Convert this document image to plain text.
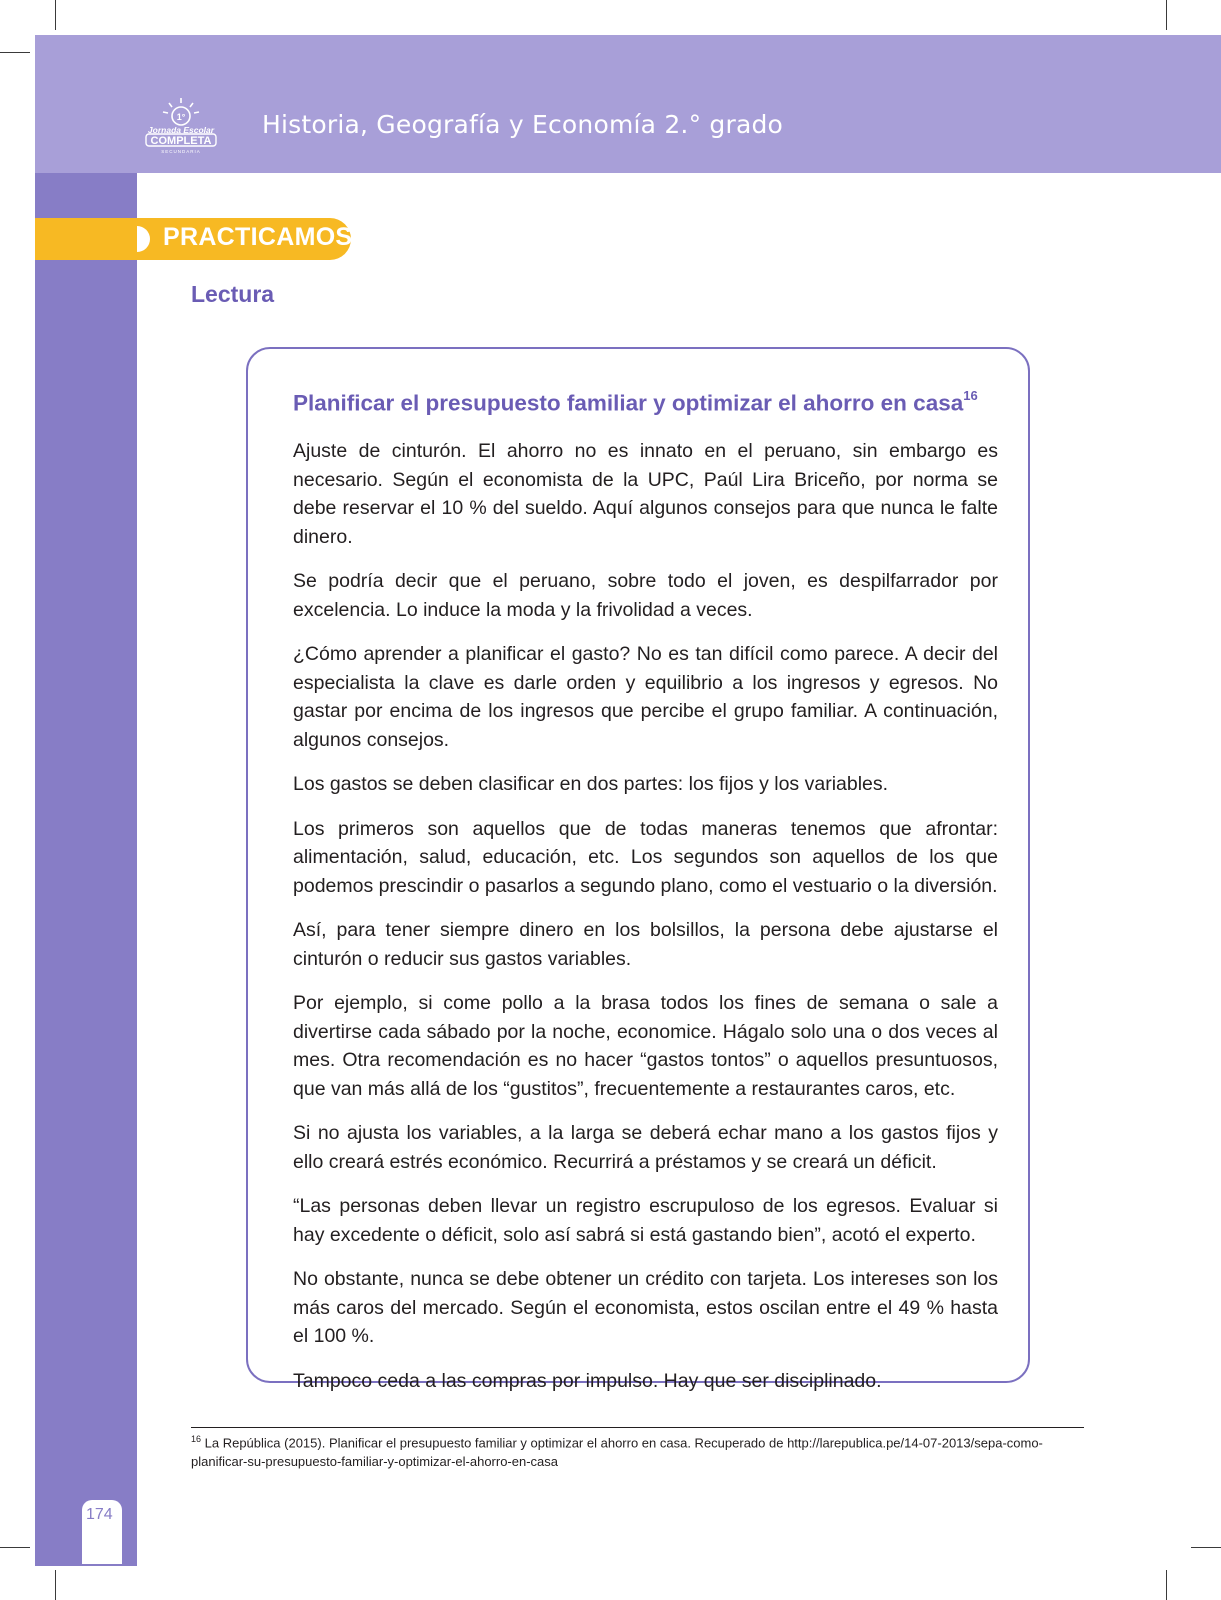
1°
Jornada Escolar
COMPLETA
SECUNDARIA
Historia, Geografía y Economía 2.° grado
174
PRACTICAMOS
Lectura
Planificar el presupuesto familiar y optimizar el ahorro en casa$^{16}$

Ajuste de cinturón. El ahorro no es innato en el peruano, sin embargo es necesario. Según el economista de la UPC, Paúl Lira Briceño, por norma se debe reservar el 10 % del sueldo. Aquí algunos consejos para que nunca le falte dinero.

Se podría decir que el peruano, sobre todo el joven, es despilfarrador por excelencia. Lo induce la moda y la frivolidad a veces.

¿Cómo aprender a planificar el gasto? No es tan difícil como parece. A decir del especialista la clave es darle orden y equilibrio a los ingresos y egresos. No gastar por encima de los ingresos que percibe el grupo familiar. A continuación, algunos consejos.

Los gastos se deben clasificar en dos partes: los fijos y los variables.

Los primeros son aquellos que de todas maneras tenemos que afrontar: alimentación, salud, educación, etc. Los segundos son aquellos de los que podemos prescindir o pasarlos a segundo plano, como el vestuario o la diversión.

Así, para tener siempre dinero en los bolsillos, la persona debe ajustarse el cinturón o reducir sus gastos variables.

Por ejemplo, si come pollo a la brasa todos los fines de semana o sale a divertirse cada sábado por la noche, economice. Hágalo solo una o dos veces al mes. Otra recomendación es no hacer “gastos tontos” o aquellos presuntuosos, que van más allá de los “gustitos”, frecuentemente a restaurantes caros, etc.

Si no ajusta los variables, a la larga se deberá echar mano a los gastos fijos y ello creará estrés económico. Recurrirá a préstamos y se creará un déficit.

“Las personas deben llevar un registro escrupuloso de los egresos. Evaluar si hay excedente o déficit, solo así sabrá si está gastando bien”, acotó el experto.

No obstante, nunca se debe obtener un crédito con tarjeta. Los intereses son los más caros del mercado. Según el economista, estos oscilan entre el 49 % hasta el 100 %.

Tampoco ceda a las compras por impulso. Hay que ser disciplinado.

$^{16}$ La República (2015). Planificar el presupuesto familiar y optimizar el ahorro en casa. Recuperado de http://larepublica.pe/14-07-2013/sepa-como-planificar-su-presupuesto-familiar-y-optimizar-el-ahorro-en-casa
